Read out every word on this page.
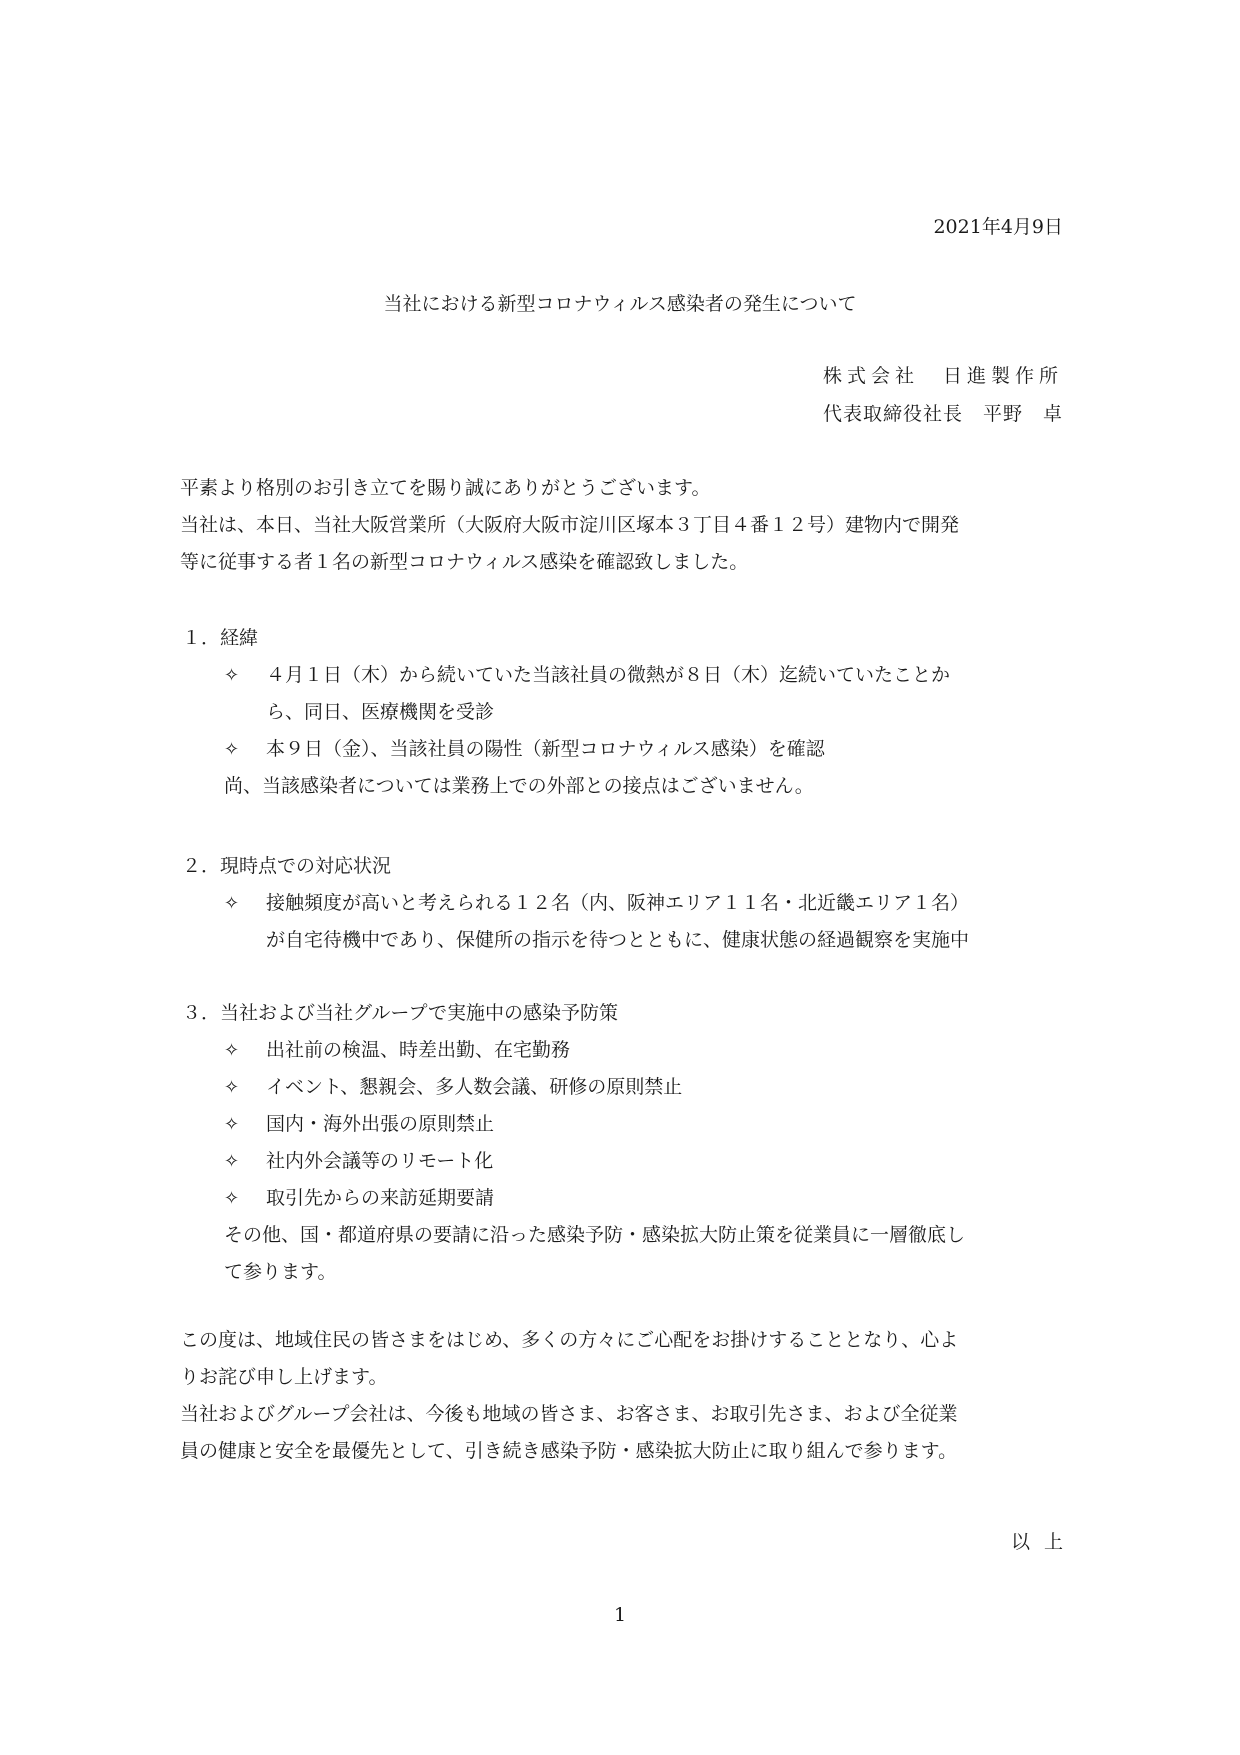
2021年4月9日
当社における新型コロナウィルス感染者の発生について
株式会社　日進製作所
代表取締役社長　平野　卓
平素より格別のお引き立てを賜り誠にありがとうございます。
当社は、本日、当社大阪営業所（大阪府大阪市淀川区塚本３丁目４番１２号）建物内で開発
等に従事する者１名の新型コロナウィルス感染を確認致しました。
１．経緯
✧ ４月１日（木）から続いていた当該社員の微熱が８日（木）迄続いていたことか
ら、同日、医療機関を受診
✧ 本９日（金）、当該社員の陽性（新型コロナウィルス感染）を確認
尚、当該感染者については業務上での外部との接点はございません。
２．現時点での対応状況
✧ 接触頻度が高いと考えられる１２名（内、阪神エリア１１名・北近畿エリア１名）
が自宅待機中であり、保健所の指示を待つとともに、健康状態の経過観察を実施中
３．当社および当社グループで実施中の感染予防策
✧ 出社前の検温、時差出勤、在宅勤務
✧ イベント、懇親会、多人数会議、研修の原則禁止
✧ 国内・海外出張の原則禁止
✧ 社内外会議等のリモート化
✧ 取引先からの来訪延期要請
その他、国・都道府県の要請に沿った感染予防・感染拡大防止策を従業員に一層徹底し
て参ります。
この度は、地域住民の皆さまをはじめ、多くの方々にご心配をお掛けすることとなり、心よ
りお詫び申し上げます。
当社およびグループ会社は、今後も地域の皆さま、お客さま、お取引先さま、および全従業
員の健康と安全を最優先として、引き続き感染予防・感染拡大防止に取り組んで参ります。
以上
1
